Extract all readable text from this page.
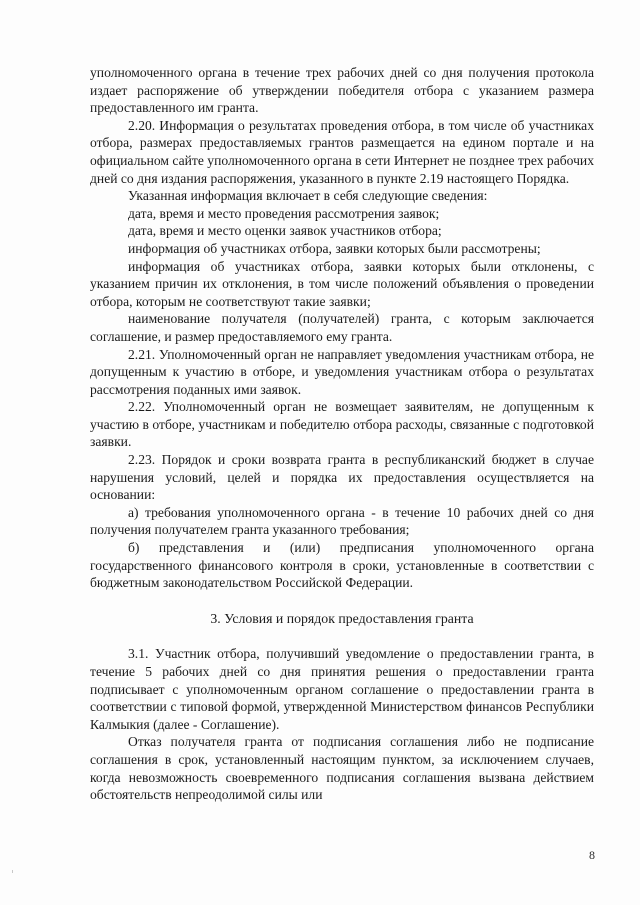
уполномоченного органа в течение трех рабочих дней со дня получения протокола издает распоряжение об утверждении победителя отбора с указанием размера предоставленного им гранта.

2.20. Информация о результатах проведения отбора, в том числе об участниках отбора, размерах предоставляемых грантов размещается на едином портале и на официальном сайте уполномоченного органа в сети Интернет не позднее трех рабочих дней со дня издания распоряжения, указанного в пункте 2.19 настоящего Порядка.

Указанная информация включает в себя следующие сведения:

дата, время и место проведения рассмотрения заявок;

дата, время и место оценки заявок участников отбора;

информация об участниках отбора, заявки которых были рассмотрены;

информация об участниках отбора, заявки которых были отклонены, с указанием причин их отклонения, в том числе положений объявления о проведении отбора, которым не соответствуют такие заявки;

наименование получателя (получателей) гранта, с которым заключается соглашение, и размер предоставляемого ему гранта.

2.21. Уполномоченный орган не направляет уведомления участникам отбора, не допущенным к участию в отборе, и уведомления участникам отбора о результатах рассмотрения поданных ими заявок.

2.22. Уполномоченный орган не возмещает заявителям, не допущенным к участию в отборе, участникам и победителю отбора расходы, связанные с подготовкой заявки.

2.23. Порядок и сроки возврата гранта в республиканский бюджет в случае нарушения условий, целей и порядка их предоставления осуществляется на основании:

а) требования уполномоченного органа - в течение 10 рабочих дней со дня получения получателем гранта указанного требования;

б) представления и (или) предписания уполномоченного органа государственного финансового контроля в сроки, установленные в соответствии с бюджетным законодательством Российской Федерации.

3. Условия и порядок предоставления гранта

3.1. Участник отбора, получивший уведомление о предоставлении гранта, в течение 5 рабочих дней со дня принятия решения о предоставлении гранта подписывает с уполномоченным органом соглашение о предоставлении гранта в соответствии с типовой формой, утвержденной Министерством финансов Республики Калмыкия (далее - Соглашение).

Отказ получателя гранта от подписания соглашения либо не подписание соглашения в срок, установленный настоящим пунктом, за исключением случаев, когда невозможность своевременного подписания соглашения вызвана действием обстоятельств непреодолимой силы или

8
